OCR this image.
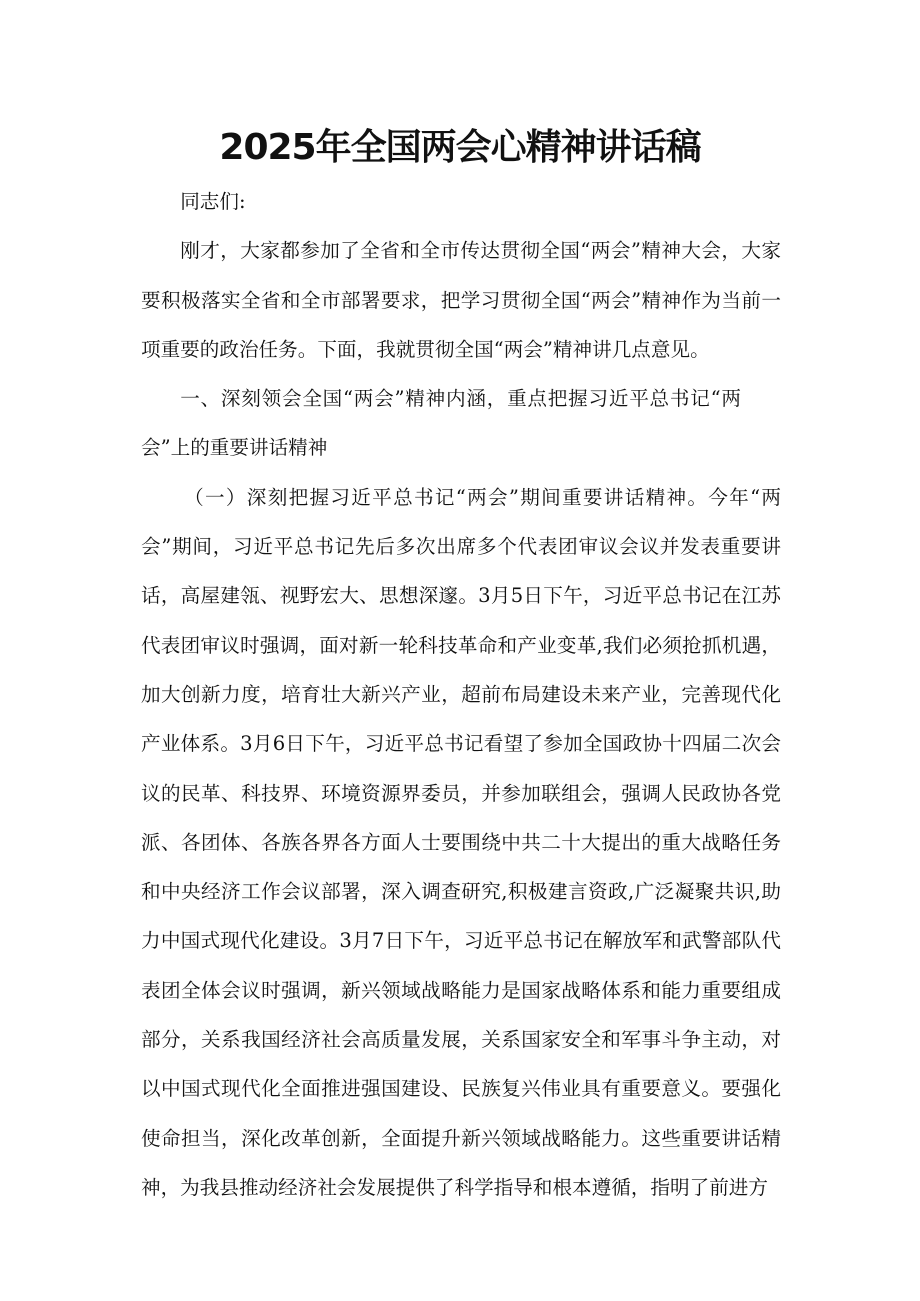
2025年全国两会心精神讲话稿

同志们:

刚才，大家都参加了全省和全市传达贯彻全国“两会”精神大会，大家要积极落实全省和全市部署要求，把学习贯彻全国“两会”精神作为当前一项重要的政治任务。下面，我就贯彻全国“两会”精神讲几点意见。

一、深刻领会全国“两会”精神内涵，重点把握习近平总书记“两会”上的重要讲话精神

（一）深刻把握习近平总书记“两会”期间重要讲话精神。今年“两会”期间，习近平总书记先后多次出席多个代表团审议会议并发表重要讲话，高屋建瓴、视野宏大、思想深邃。3月5日下午，习近平总书记在江苏代表团审议时强调，面对新一轮科技革命和产业变革,我们必须抢抓机遇，加大创新力度，培育壮大新兴产业，超前布局建设未来产业，完善现代化产业体系。3月6日下午，习近平总书记看望了参加全国政协十四届二次会议的民革、科技界、环境资源界委员，并参加联组会，强调人民政协各党派、各团体、各族各界各方面人士要围绕中共二十大提出的重大战略任务和中央经济工作会议部署，深入调查研究,积极建言资政,广泛凝聚共识,助力中国式现代化建设。3月7日下午，习近平总书记在解放军和武警部队代表团全体会议时强调，新兴领域战略能力是国家战略体系和能力重要组成部分，关系我国经济社会高质量发展，关系国家安全和军事斗争主动，对以中国式现代化全面推进强国建设、民族复兴伟业具有重要意义。要强化使命担当，深化改革创新，全面提升新兴领域战略能力。这些重要讲话精神，为我县推动经济社会发展提供了科学指导和根本遵循，指明了前进方
